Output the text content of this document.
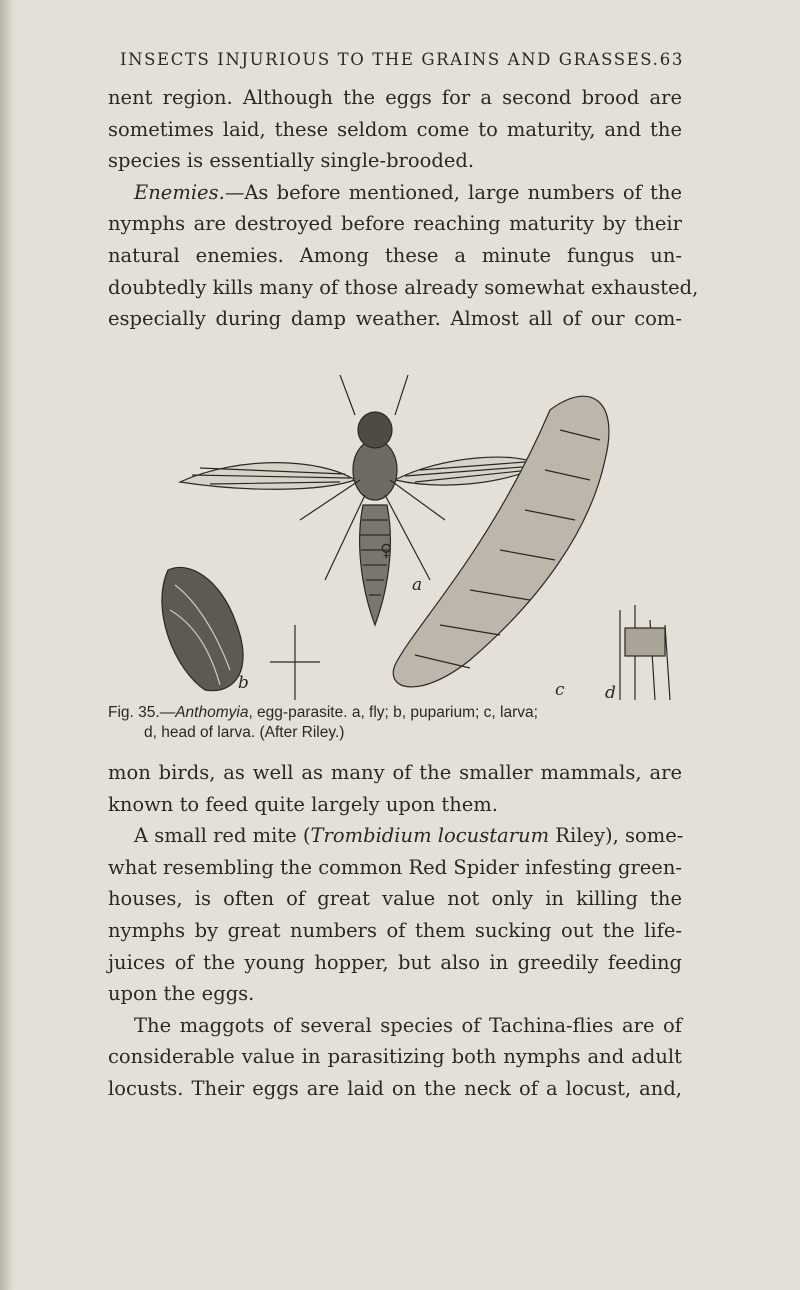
INSECTS INJURIOUS TO THE GRAINS AND GRASSES. 63
nent region. Although the eggs for a second brood are
sometimes laid, these seldom come to maturity, and the
species is essentially single-brooded.
Enemies.—As before mentioned, large numbers of the
nymphs are destroyed before reaching maturity by their
natural enemies. Among these a minute fungus un-
doubtedly kills many of those already somewhat exhausted,
especially during damp weather. Almost all of our com-
♀
a
b	c d
Fig. 35.—Anthomyia, egg-parasite. a, fly; b, puparium; c, larva;
d, head of larva. (After Riley.)
mon birds, as well as many of the smaller mammals, are
known to feed quite largely upon them.
A small red mite (Trombidium locustarum Riley), some-
what resembling the common Red Spider infesting green-
houses, is often of great value not only in killing the
nymphs by great numbers of them sucking out the life-
juices of the young hopper, but also in greedily feeding
upon the eggs.
The maggots of several species of Tachina-flies are of
considerable value in parasitizing both nymphs and adult
locusts. Their eggs are laid on the neck of a locust, and,
